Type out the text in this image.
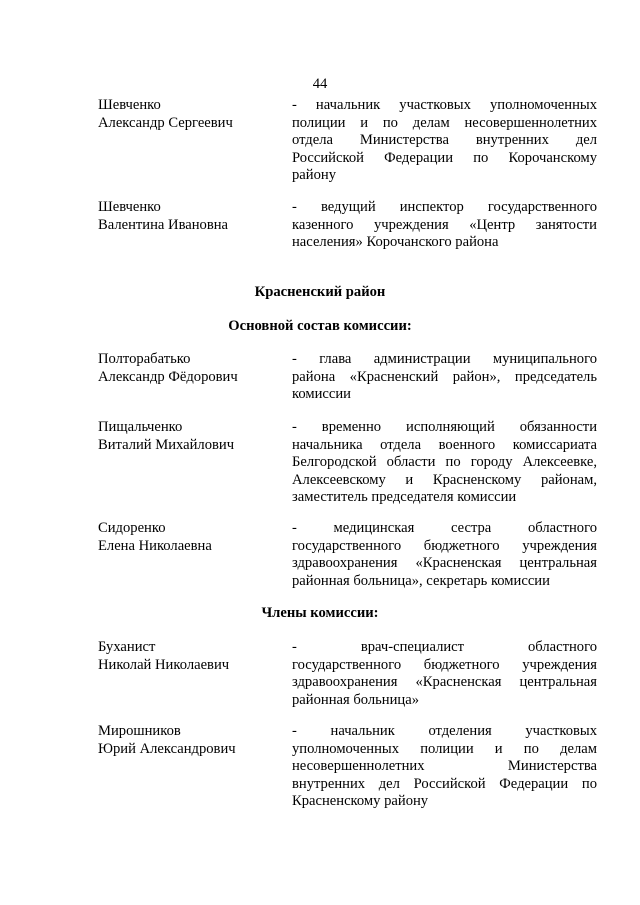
44
Шевченко
Александр Сергеевич
- начальник участковых уполномоченных
полиции и по делам несовершеннолетних
отдела Министерства внутренних дел
Российской Федерации по Корочанскому
району
Шевченко
Валентина Ивановна
- ведущий инспектор государственного
казенного учреждения «Центр занятости
населения» Корочанского района
Красненский район
Основной состав комиссии:
Полторабатько
Александр Фёдорович
- глава администрации муниципального
района «Красненский район», председатель
комиссии
Пищальченко
Виталий Михайлович
- временно исполняющий обязанности
начальника отдела военного комиссариата
Белгородской области по городу Алексеевке,
Алексеевскому и Красненскому районам,
заместитель председателя комиссии
Сидоренко
Елена Николаевна
- медицинская сестра областного
государственного бюджетного учреждения
здравоохранения «Красненская центральная
районная больница», секретарь комиссии
Члены комиссии:
Буханист
Николай Николаевич
- врач-специалист областного
государственного бюджетного учреждения
здравоохранения «Красненская центральная
районная больница»
Мирошников
Юрий Александрович
- начальник отделения участковых
уполномоченных полиции и по делам
несовершеннолетних Министерства
внутренних дел Российской Федерации по
Красненскому району
